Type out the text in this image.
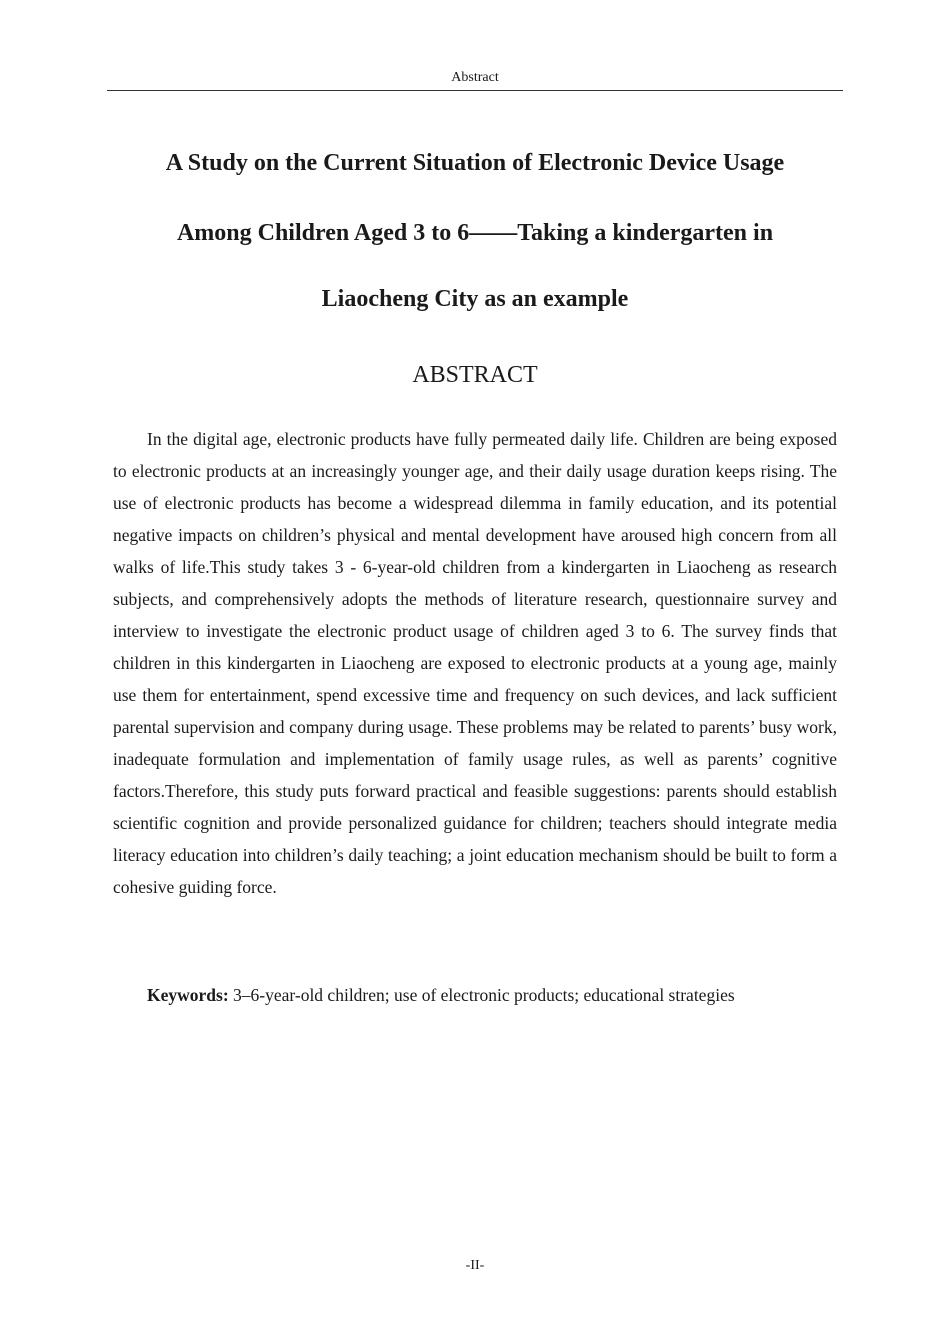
Abstract
A Study on the Current Situation of Electronic Device Usage
Among Children Aged 3 to 6——Taking a kindergarten in
Liaocheng City as an example
ABSTRACT

In the digital age, electronic products have fully permeated daily life. Children are being exposed to electronic products at an increasingly younger age, and their daily usage duration keeps rising. The use of electronic products has become a widespread dilemma in family education, and its potential negative impacts on children’s physical and mental development have aroused high concern from all walks of life.This study takes 3 - 6-year-old children from a kindergarten in Liaocheng as research subjects, and comprehensively adopts the methods of literature research, questionnaire survey and interview to investigate the electronic product usage of children aged 3 to 6. The survey finds that children in this kindergarten in Liaocheng are exposed to electronic products at a young age, mainly use them for entertainment, spend excessive time and frequency on such devices, and lack sufficient parental supervision and company during usage. These problems may be related to parents’ busy work, inadequate formulation and implementation of family usage rules, as well as parents’ cognitive factors.Therefore, this study puts forward practical and feasible suggestions: parents should establish scientific cognition and provide personalized guidance for children; teachers should integrate media literacy education into children’s daily teaching; a joint education mechanism should be built to form a cohesive guiding force.

Keywords: 3–6-year-old children; use of electronic products; educational strategies

-II-
